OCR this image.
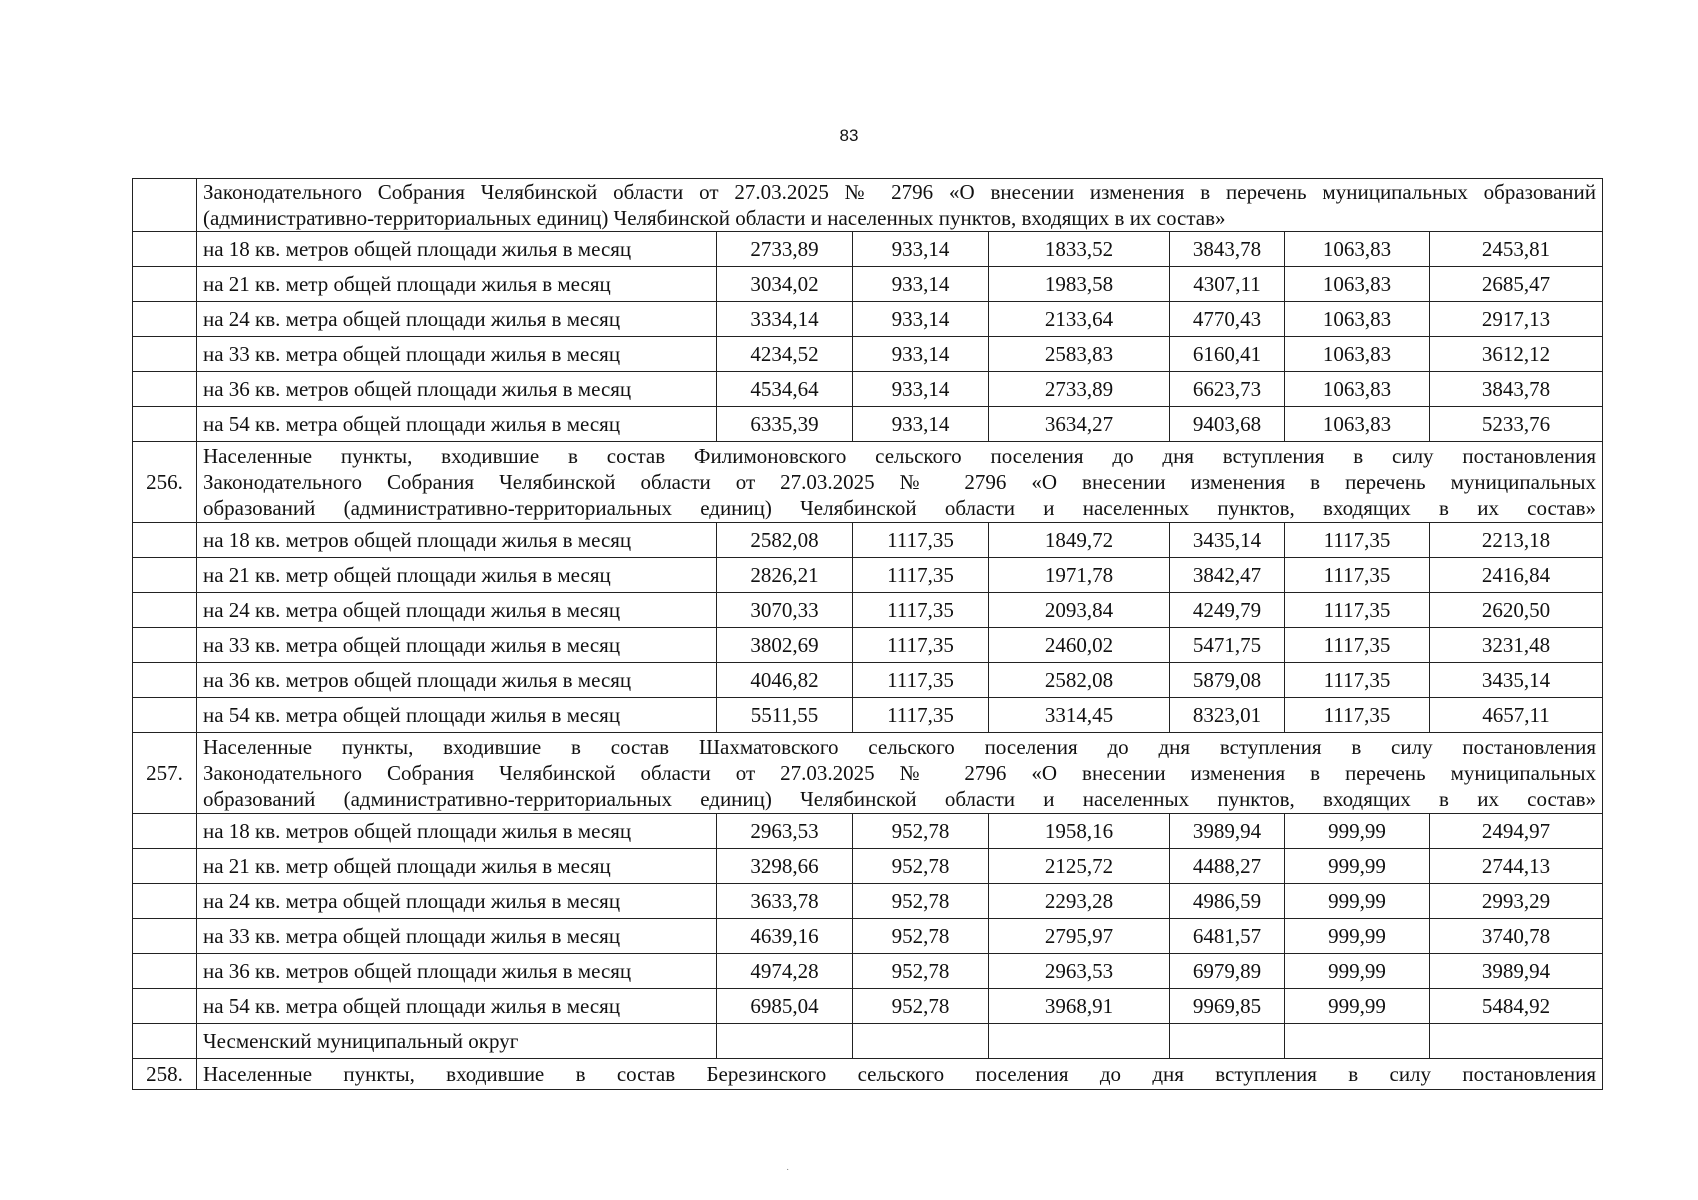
83
	Законодательного Собрания Челябинской области от 27.03.2025 № 2796 «О внесении изменения в перечень муниципальных образований (административно-территориальных единиц) Челябинской области и населенных пунктов, входящих в их состав»						
	на 18 кв. метров общей площади жилья в месяц	2733,89	933,14	1833,52	3843,78	1063,83	2453,81
	на 21 кв. метр общей площади жилья в месяц	3034,02	933,14	1983,58	4307,11	1063,83	2685,47
	на 24 кв. метра общей площади жилья в месяц	3334,14	933,14	2133,64	4770,43	1063,83	2917,13
	на 33 кв. метра общей площади жилья в месяц	4234,52	933,14	2583,83	6160,41	1063,83	3612,12
	на 36 кв. метров общей площади жилья в месяц	4534,64	933,14	2733,89	6623,73	1063,83	3843,78
	на 54 кв. метра общей площади жилья в месяц	6335,39	933,14	3634,27	9403,68	1063,83	5233,76
256.	Населенные пункты, входившие в состав Филимоновского сельского поселения до дня вступления в силу постановления
Законодательного Собрания Челябинской области от 27.03.2025 № 2796 «О внесении изменения в перечень муниципальных
образований (административно-территориальных единиц) Челябинской области и населенных пунктов, входящих в их состав»						

	на 18 кв. метров общей площади жилья в месяц	2582,08	1117,35	1849,72	3435,14	1117,35	2213,18
	на 21 кв. метр общей площади жилья в месяц	2826,21	1117,35	1971,78	3842,47	1117,35	2416,84
	на 24 кв. метра общей площади жилья в месяц	3070,33	1117,35	2093,84	4249,79	1117,35	2620,50
	на 33 кв. метра общей площади жилья в месяц	3802,69	1117,35	2460,02	5471,75	1117,35	3231,48
	на 36 кв. метров общей площади жилья в месяц	4046,82	1117,35	2582,08	5879,08	1117,35	3435,14
	на 54 кв. метра общей площади жилья в месяц	5511,55	1117,35	3314,45	8323,01	1117,35	4657,11
257.	Населенные пункты, входившие в состав Шахматовского сельского поселения до дня вступления в силу постановления
Законодательного Собрания Челябинской области от 27.03.2025 № 2796 «О внесении изменения в перечень муниципальных
образований (административно-территориальных единиц) Челябинской области и населенных пунктов, входящих в их состав»						

	на 18 кв. метров общей площади жилья в месяц	2963,53	952,78	1958,16	3989,94	999,99	2494,97
	на 21 кв. метр общей площади жилья в месяц	3298,66	952,78	2125,72	4488,27	999,99	2744,13
	на 24 кв. метра общей площади жилья в месяц	3633,78	952,78	2293,28	4986,59	999,99	2993,29
	на 33 кв. метра общей площади жилья в месяц	4639,16	952,78	2795,97	6481,57	999,99	3740,78
	на 36 кв. метров общей площади жилья в месяц	4974,28	952,78	2963,53	6979,89	999,99	3989,94
	на 54 кв. метра общей площади жилья в месяц	6985,04	952,78	3968,91	9969,85	999,99	5484,92
	Чесменский муниципальный округ						
258.	Населенные пункты, входившие в состав Березинского сельского поселения до дня вступления в силу постановления						
˙
